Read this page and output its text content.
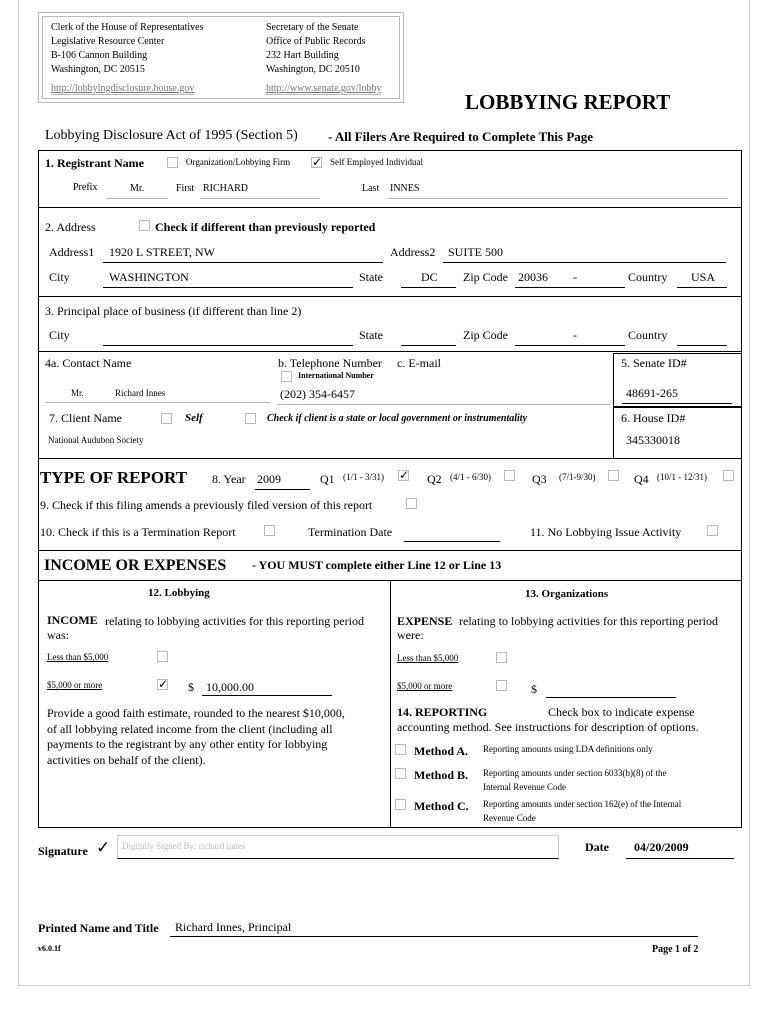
Clerk of the House of Representatives
Legislative Resource Center
B-106 Cannon Building
Washington, DC 20515
http://lobbyingdisclosure.house.gov
Secretary of the Senate
Office of Public Records
232 Hart Building
Washington, DC 20510
http://www.senate.gov/lobby
LOBBYING REPORT
Lobbying Disclosure Act of 1995 (Section 5) - All Filers Are Required to Complete This Page
1. Registrant Name	Organization/Lobbying Firm ✓ Self Employed Individual
Prefix	Mr.	First RICHARD	Last INNES
2. Address	Check if different than previously reported
Address1 1920 L STREET, NW	Address2 SUITE 500
City	WASHINGTON	State	DC Zip Code 20036 -	Country USA
3. Principal place of business (if different than line 2)
City	State	Zip Code	-	Country
4a. Contact Name	b. Telephone Number c. E-mail
International Number
Mr.	Richard Innes	(202) 354-6457
5. Senate ID#
48691-265
6. House ID#
345330018
7. Client Name	Self	Check if client is a state or local government or instrumentality
National Audubon Society
TYPE OF REPORT 8. Year 2009	Q1 (1/1 - 3/31) ✓ Q2 (4/1 - 6/30)	Q3 (7/1-9/30)	Q4 (10/1 - 12/31)
9. Check if this filing amends a previously filed version of this report
10. Check if this is a Termination Report	Termination Date	11. No Lobbying Issue Activity
INCOME OR EXPENSES - YOU MUST complete either Line 12 or Line 13
12. Lobbying	13. Organizations
INCOME relating to lobbying activities for this reporting period
was:
EXPENSE relating to lobbying activities for this reporting period
were:
Less than $5,000	Less than $5,000
$5,000 or more	✓ $ 10,000.00	$5,000 or more	$
Provide a good faith estimate, rounded to the nearest $10,000,
of all lobbying related income from the client (including all
payments to the registrant by any other entity for lobbying
activities on behalf of the client).
14. REPORTING	Check box to indicate expense
accounting method. See instructions for description of options.
Method A. Reporting amounts using LDA definitions only
Method B. Reporting amounts under section 6033(b)(8) of the
Internal Revenue Code
Method C. Reporting amounts under section 162(e) of the Internal
Revenue Code
Signature ✓ Digitally Signed By: richard innes	Date 04/20/2009
Printed Name and Title Richard Innes, Principal
v6.0.1f	Page 1 of 2
